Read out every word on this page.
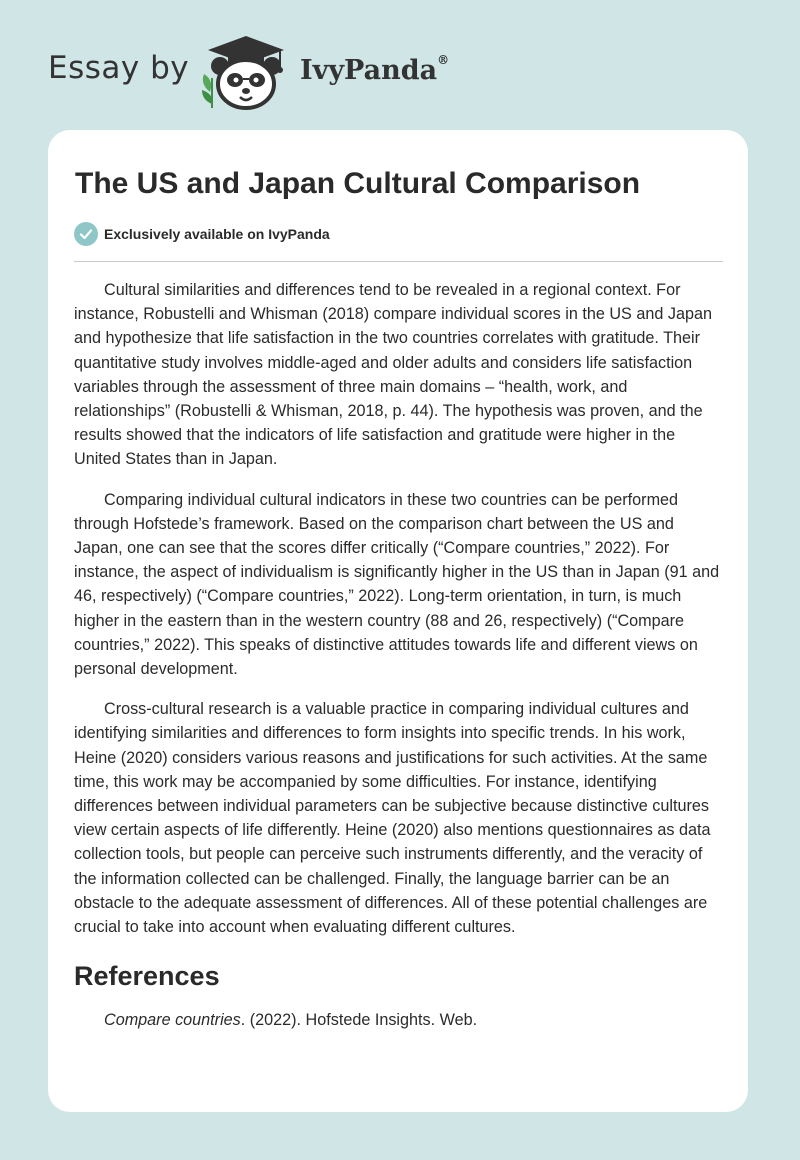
Essay by	IvyPanda®
The US and Japan Cultural Comparison
Exclusively available on IvyPanda

Cultural similarities and differences tend to be revealed in a regional context. For instance, Robustelli and Whisman (2018) compare individual scores in the US and Japan and hypothesize that life satisfaction in the two countries correlates with gratitude. Their quantitative study involves middle-aged and older adults and considers life satisfaction variables through the assessment of three main domains – “health, work, and relationships” (Robustelli & Whisman, 2018, p. 44). The hypothesis was proven, and the results showed that the indicators of life satisfaction and gratitude were higher in the United States than in Japan.

Comparing individual cultural indicators in these two countries can be performed through Hofstede’s framework. Based on the comparison chart between the US and Japan, one can see that the scores differ critically (“Compare countries,” 2022). For instance, the aspect of individualism is significantly higher in the US than in Japan (91 and 46, respectively) (“Compare countries,” 2022). Long-term orientation, in turn, is much higher in the eastern than in the western country (88 and 26, respectively) (“Compare countries,” 2022). This speaks of distinctive attitudes towards life and different views on personal development.

Cross-cultural research is a valuable practice in comparing individual cultures and identifying similarities and differences to form insights into specific trends. In his work, Heine (2020) considers various reasons and justifications for such activities. At the same time, this work may be accompanied by some difficulties. For instance, identifying differences between individual parameters can be subjective because distinctive cultures view certain aspects of life differently. Heine (2020) also mentions questionnaires as data collection tools, but people can perceive such instruments differently, and the veracity of the information collected can be challenged. Finally, the language barrier can be an obstacle to the adequate assessment of differences. All of these potential challenges are crucial to take into account when evaluating different cultures.

References
Compare countries. (2022). Hofstede Insights. Web.
